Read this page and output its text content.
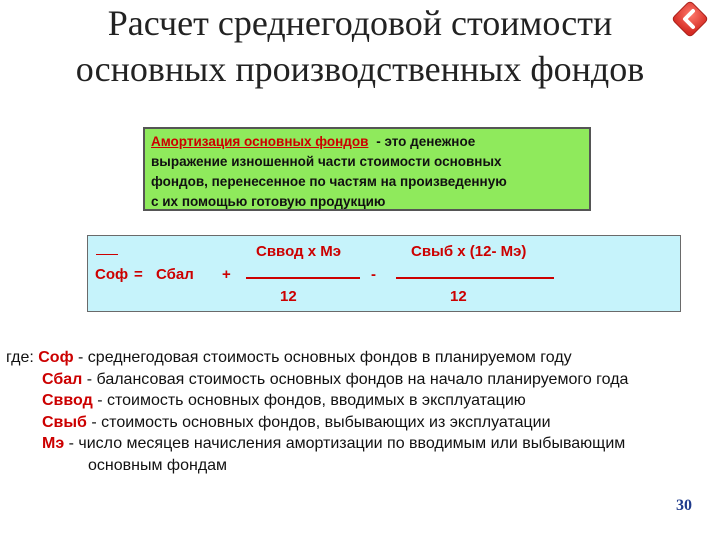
Расчет среднегодовой стоимости
основных производственных фондов
Амортизация основных фондов - это денежное
выражение изношенной части стоимости основных
фондов, перенесенное по частям на произведенную
с их помощью готовую продукцию
Соф = Сбал +
Сввод х Мэ
12
-
Свыб х (12- Мэ)
12
где: Соф - среднегодовая стоимость основных фондов в планируемом году
Сбал - балансовая стоимость основных фондов на начало планируемого года
Сввод - стоимость основных фондов, вводимых в эксплуатацию
Свыб - стоимость основных фондов, выбывающих из эксплуатации
Мэ - число месяцев начисления амортизации по вводимым или выбывающим
основным фондам
30
